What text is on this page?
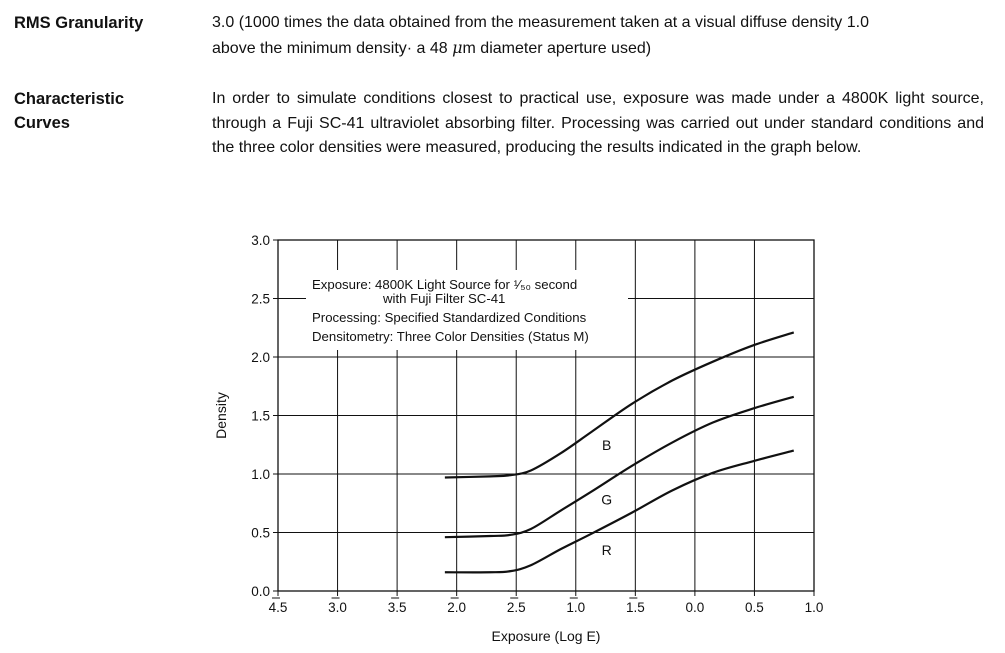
RMS Granularity	3.0 (1000 times the data obtained from the measurement taken at a visual diffuse density 1.0
above the minimum density· a 48 μm diameter aperture used)
Characteristic
Curves
In order to simulate conditions closest to practical use, exposure was made under a 4800K light source, through a Fuji SC-41 ultraviolet absorbing filter. Processing was carried out under standard conditions and the three color densities were measured, producing the results indicated in the graph below.
4.5	3.0	3.5	2.0	2.5	1.0	1.5	0.0	0.5	1.0
0.0
0.5
1.0
1.5
2.0
2.5
3.0
Exposure (Log E)
Density
Exposure: 4800K Light Source for ¹⁄₅₀ second
with Fuji Filter SC-41
Processing: Specified Standardized Conditions
Densitometry: Three Color Densities (Status M)
B
G
R
